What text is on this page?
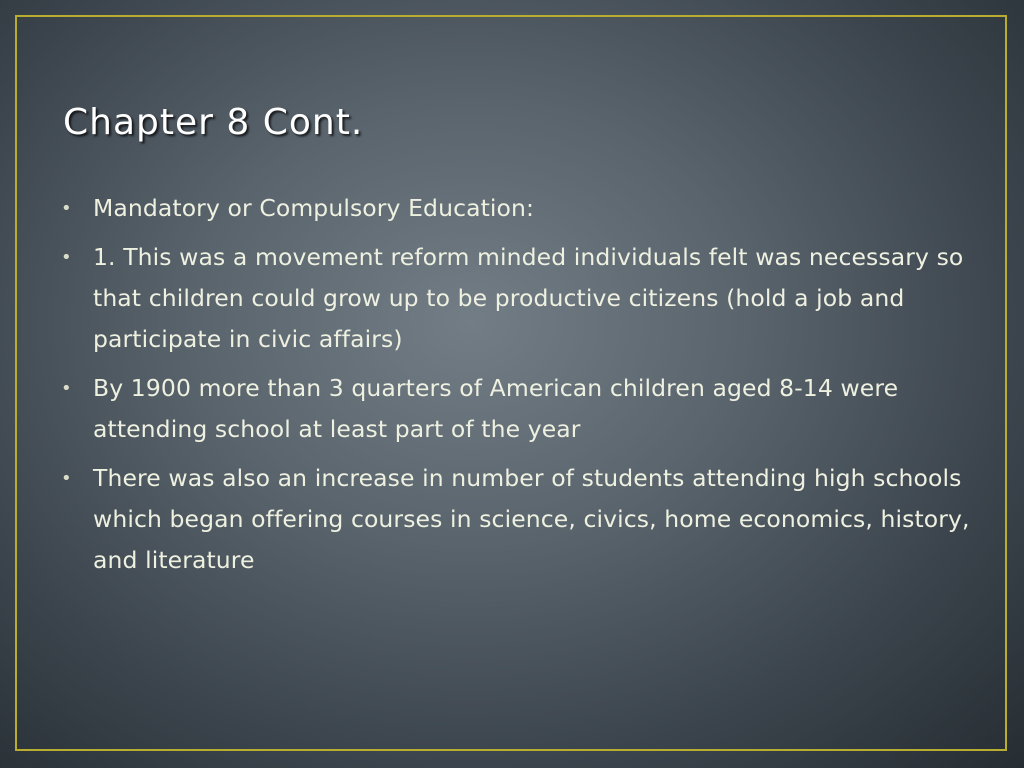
Chapter 8 Cont.
• Mandatory or Compulsory Education:
• 1. This was a movement reform minded individuals felt was necessary so that children could grow up to be productive citizens (hold a job and participate in civic affairs)
• By 1900 more than 3 quarters of American children aged 8-14 were attending school at least part of the year
• There was also an increase in number of students attending high schools which began offering courses in science, civics, home economics, history, and literature
